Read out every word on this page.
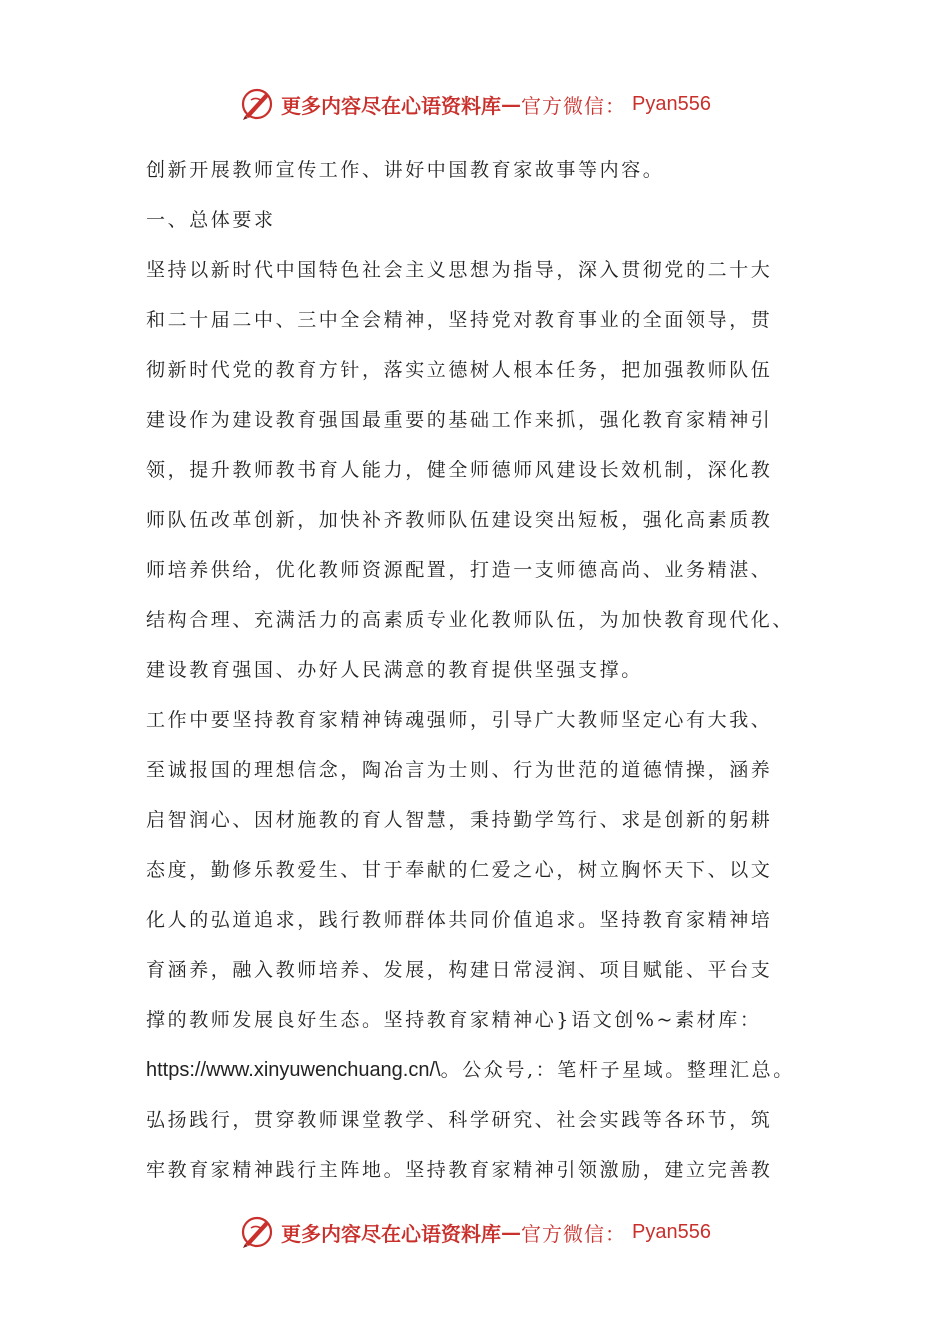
更多内容尽在心语资料库 — 官方微信： Pyan556
创新开展教师宣传工作、讲好中国教育家故事等内容。
一、总体要求
坚持以新时代中国特色社会主义思想为指导，深入贯彻党的二十大
和二十届二中、三中全会精神，坚持党对教育事业的全面领导，贯
彻新时代党的教育方针，落实立德树人根本任务，把加强教师队伍
建设作为建设教育强国最重要的基础工作来抓，强化教育家精神引
领，提升教师教书育人能力，健全师德师风建设长效机制，深化教
师队伍改革创新，加快补齐教师队伍建设突出短板，强化高素质教
师培养供给，优化教师资源配置，打造一支师德高尚、业务精湛、
结构合理、充满活力的高素质专业化教师队伍，为加快教育现代化、
建设教育强国、办好人民满意的教育提供坚强支撑。
工作中要坚持教育家精神铸魂强师，引导广大教师坚定心有大我、
至诚报国的理想信念，陶冶言为士则、行为世范的道德情操，涵养
启智润心、因材施教的育人智慧，秉持勤学笃行、求是创新的躬耕
态度，勤修乐教爱生、甘于奉献的仁爱之心，树立胸怀天下、以文
化人的弘道追求，践行教师群体共同价值追求。坚持教育家精神培
育涵养，融入教师培养、发展，构建日常浸润、项目赋能、平台支
撑的教师发展良好生态。坚持教育家精神心}语文创%~素材库：
https://www.xinyuwenchuang.cn/\。公众号,：笔杆子星域。整理汇总。
弘扬践行，贯穿教师课堂教学、科学研究、社会实践等各环节，筑
牢教育家精神践行主阵地。坚持教育家精神引领激励，建立完善教
更多内容尽在心语资料库 — 官方微信： Pyan556
